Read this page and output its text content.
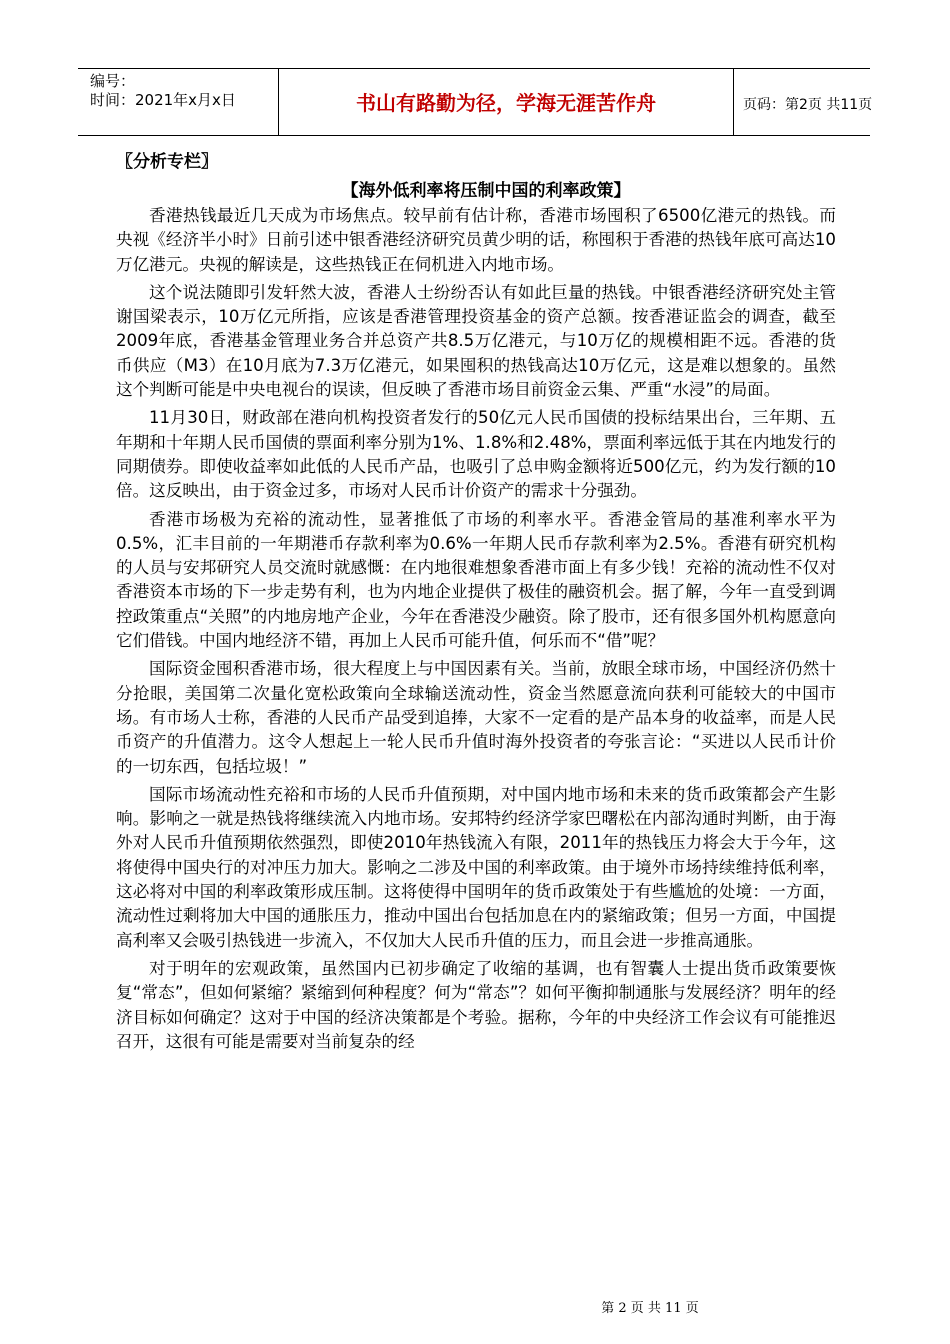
编号：
时间：2021年x月x日	书山有路勤为径，学海无涯苦作舟	页码：第2页 共11页
〖分析专栏〗
【海外低利率将压制中国的利率政策】

香港热钱最近几天成为市场焦点。较早前有估计称，香港市场囤积了6500亿港元的热钱。而央视《经济半小时》日前引述中银香港经济研究员黄少明的话，称囤积于香港的热钱年底可高达10万亿港元。央视的解读是，这些热钱正在伺机进入内地市场。

这个说法随即引发轩然大波，香港人士纷纷否认有如此巨量的热钱。中银香港经济研究处主管谢国梁表示，10万亿元所指，应该是香港管理投资基金的资产总额。按香港证监会的调查，截至2009年底，香港基金管理业务合并总资产共8.5万亿港元，与10万亿的规模相距不远。香港的货币供应（M3）在10月底为7.3万亿港元，如果囤积的热钱高达10万亿元，这是难以想象的。虽然这个判断可能是中央电视台的误读，但反映了香港市场目前资金云集、严重“水浸”的局面。

11月30日，财政部在港向机构投资者发行的50亿元人民币国债的投标结果出台，三年期、五年期和十年期人民币国债的票面利率分别为1%、1.8%和2.48%，票面利率远低于其在内地发行的同期债券。即使收益率如此低的人民币产品，也吸引了总申购金额将近500亿元，约为发行额的10倍。这反映出，由于资金过多，市场对人民币计价资产的需求十分强劲。

香港市场极为充裕的流动性，显著推低了市场的利率水平。香港金管局的基准利率水平为0.5%，汇丰目前的一年期港币存款利率为0.6%一年期人民币存款利率为2.5%。香港有研究机构的人员与安邦研究人员交流时就感慨：在内地很难想象香港市面上有多少钱！充裕的流动性不仅对香港资本市场的下一步走势有利，也为内地企业提供了极佳的融资机会。据了解，今年一直受到调控政策重点“关照”的内地房地产企业，今年在香港没少融资。除了股市，还有很多国外机构愿意向它们借钱。中国内地经济不错，再加上人民币可能升值，何乐而不“借”呢？

国际资金囤积香港市场，很大程度上与中国因素有关。当前，放眼全球市场，中国经济仍然十分抢眼，美国第二次量化宽松政策向全球输送流动性，资金当然愿意流向获利可能较大的中国市场。有市场人士称，香港的人民币产品受到追捧，大家不一定看的是产品本身的收益率，而是人民币资产的升值潜力。这令人想起上一轮人民币升值时海外投资者的夸张言论：“买进以人民币计价的一切东西，包括垃圾！”

国际市场流动性充裕和市场的人民币升值预期，对中国内地市场和未来的货币政策都会产生影响。影响之一就是热钱将继续流入内地市场。安邦特约经济学家巴曙松在内部沟通时判断，由于海外对人民币升值预期依然强烈，即使2010年热钱流入有限，2011年的热钱压力将会大于今年，这将使得中国央行的对冲压力加大。影响之二涉及中国的利率政策。由于境外市场持续维持低利率，这必将对中国的利率政策形成压制。这将使得中国明年的货币政策处于有些尴尬的处境：一方面，流动性过剩将加大中国的通胀压力，推动中国出台包括加息在内的紧缩政策；但另一方面，中国提高利率又会吸引热钱进一步流入，不仅加大人民币升值的压力，而且会进一步推高通胀。

对于明年的宏观政策，虽然国内已初步确定了收缩的基调，也有智囊人士提出货币政策要恢复“常态”，但如何紧缩？紧缩到何种程度？何为“常态”？如何平衡抑制通胀与发展经济？明年的经济目标如何确定？这对于中国的经济决策都是个考验。据称，今年的中央经济工作会议有可能推迟召开，这很有可能是需要对当前复杂的经

第 2 页 共 11 页
